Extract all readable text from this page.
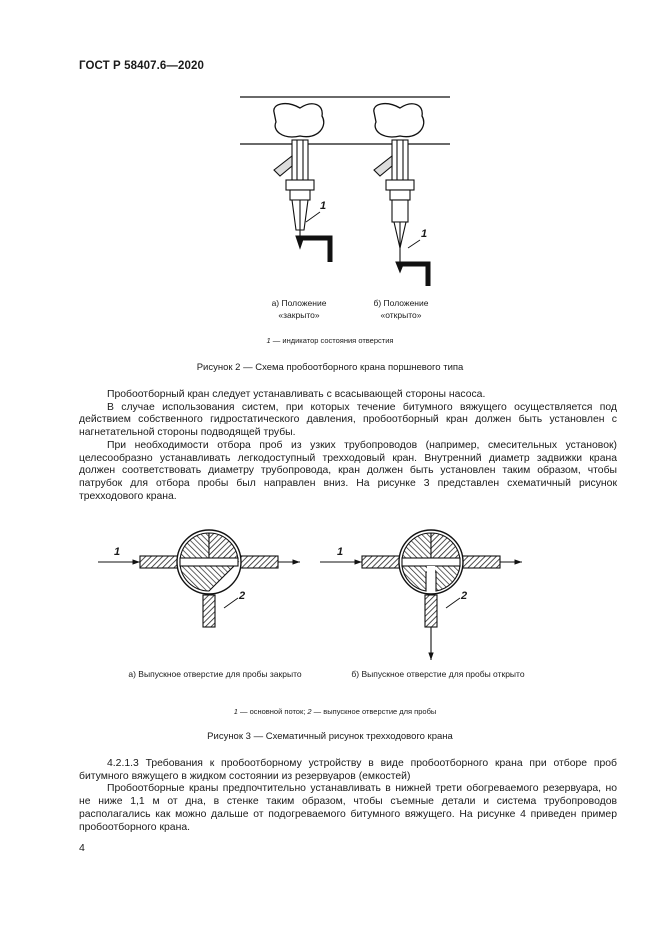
ГОСТ Р 58407.6—2020
1
1
а) Положение «закрыто»
б) Положение «открыто»
1 — индикатор состояния отверстия
Рисунок 2 — Схема пробоотборного крана поршневого типа

Пробоотборный кран следует устанавливать с всасывающей стороны насоса.

В случае использования систем, при которых течение битумного вяжущего осуществляется под действием собственного гидростатического давления, пробоотборный кран должен быть установлен с нагнетательной стороны подводящей трубы.

При необходимости отбора проб из узких трубопроводов (например, смесительных установок) целесообразно устанавливать легкодоступный трехходовый кран. Внутренний диаметр задвижки крана должен соответствовать диаметру трубопровода, кран должен быть установлен таким образом, чтобы патрубок для отбора пробы был направлен вниз. На рисунке 3 представлен схематичный рисунок трехходового крана.

1
2
1
2
а) Выпускное отверстие для пробы закрыто	б) Выпускное отверстие для пробы открыто
1 — основной поток; 2 — выпускное отверстие для пробы
Рисунок 3 — Схематичный рисунок трехходового крана

4.2.1.3 Требования к пробоотборному устройству в виде пробоотборного крана при отборе проб битумного вяжущего в жидком состоянии из резервуаров (емкостей)

Пробоотборные краны предпочтительно устанавливать в нижней трети обогреваемого резервуара, но не ниже 1,1 м от дна, в стенке таким образом, чтобы съемные детали и система трубопроводов располагались как можно дальше от подогреваемого битумного вяжущего. На рисунке 4 приведен пример пробоотборного крана.

4
